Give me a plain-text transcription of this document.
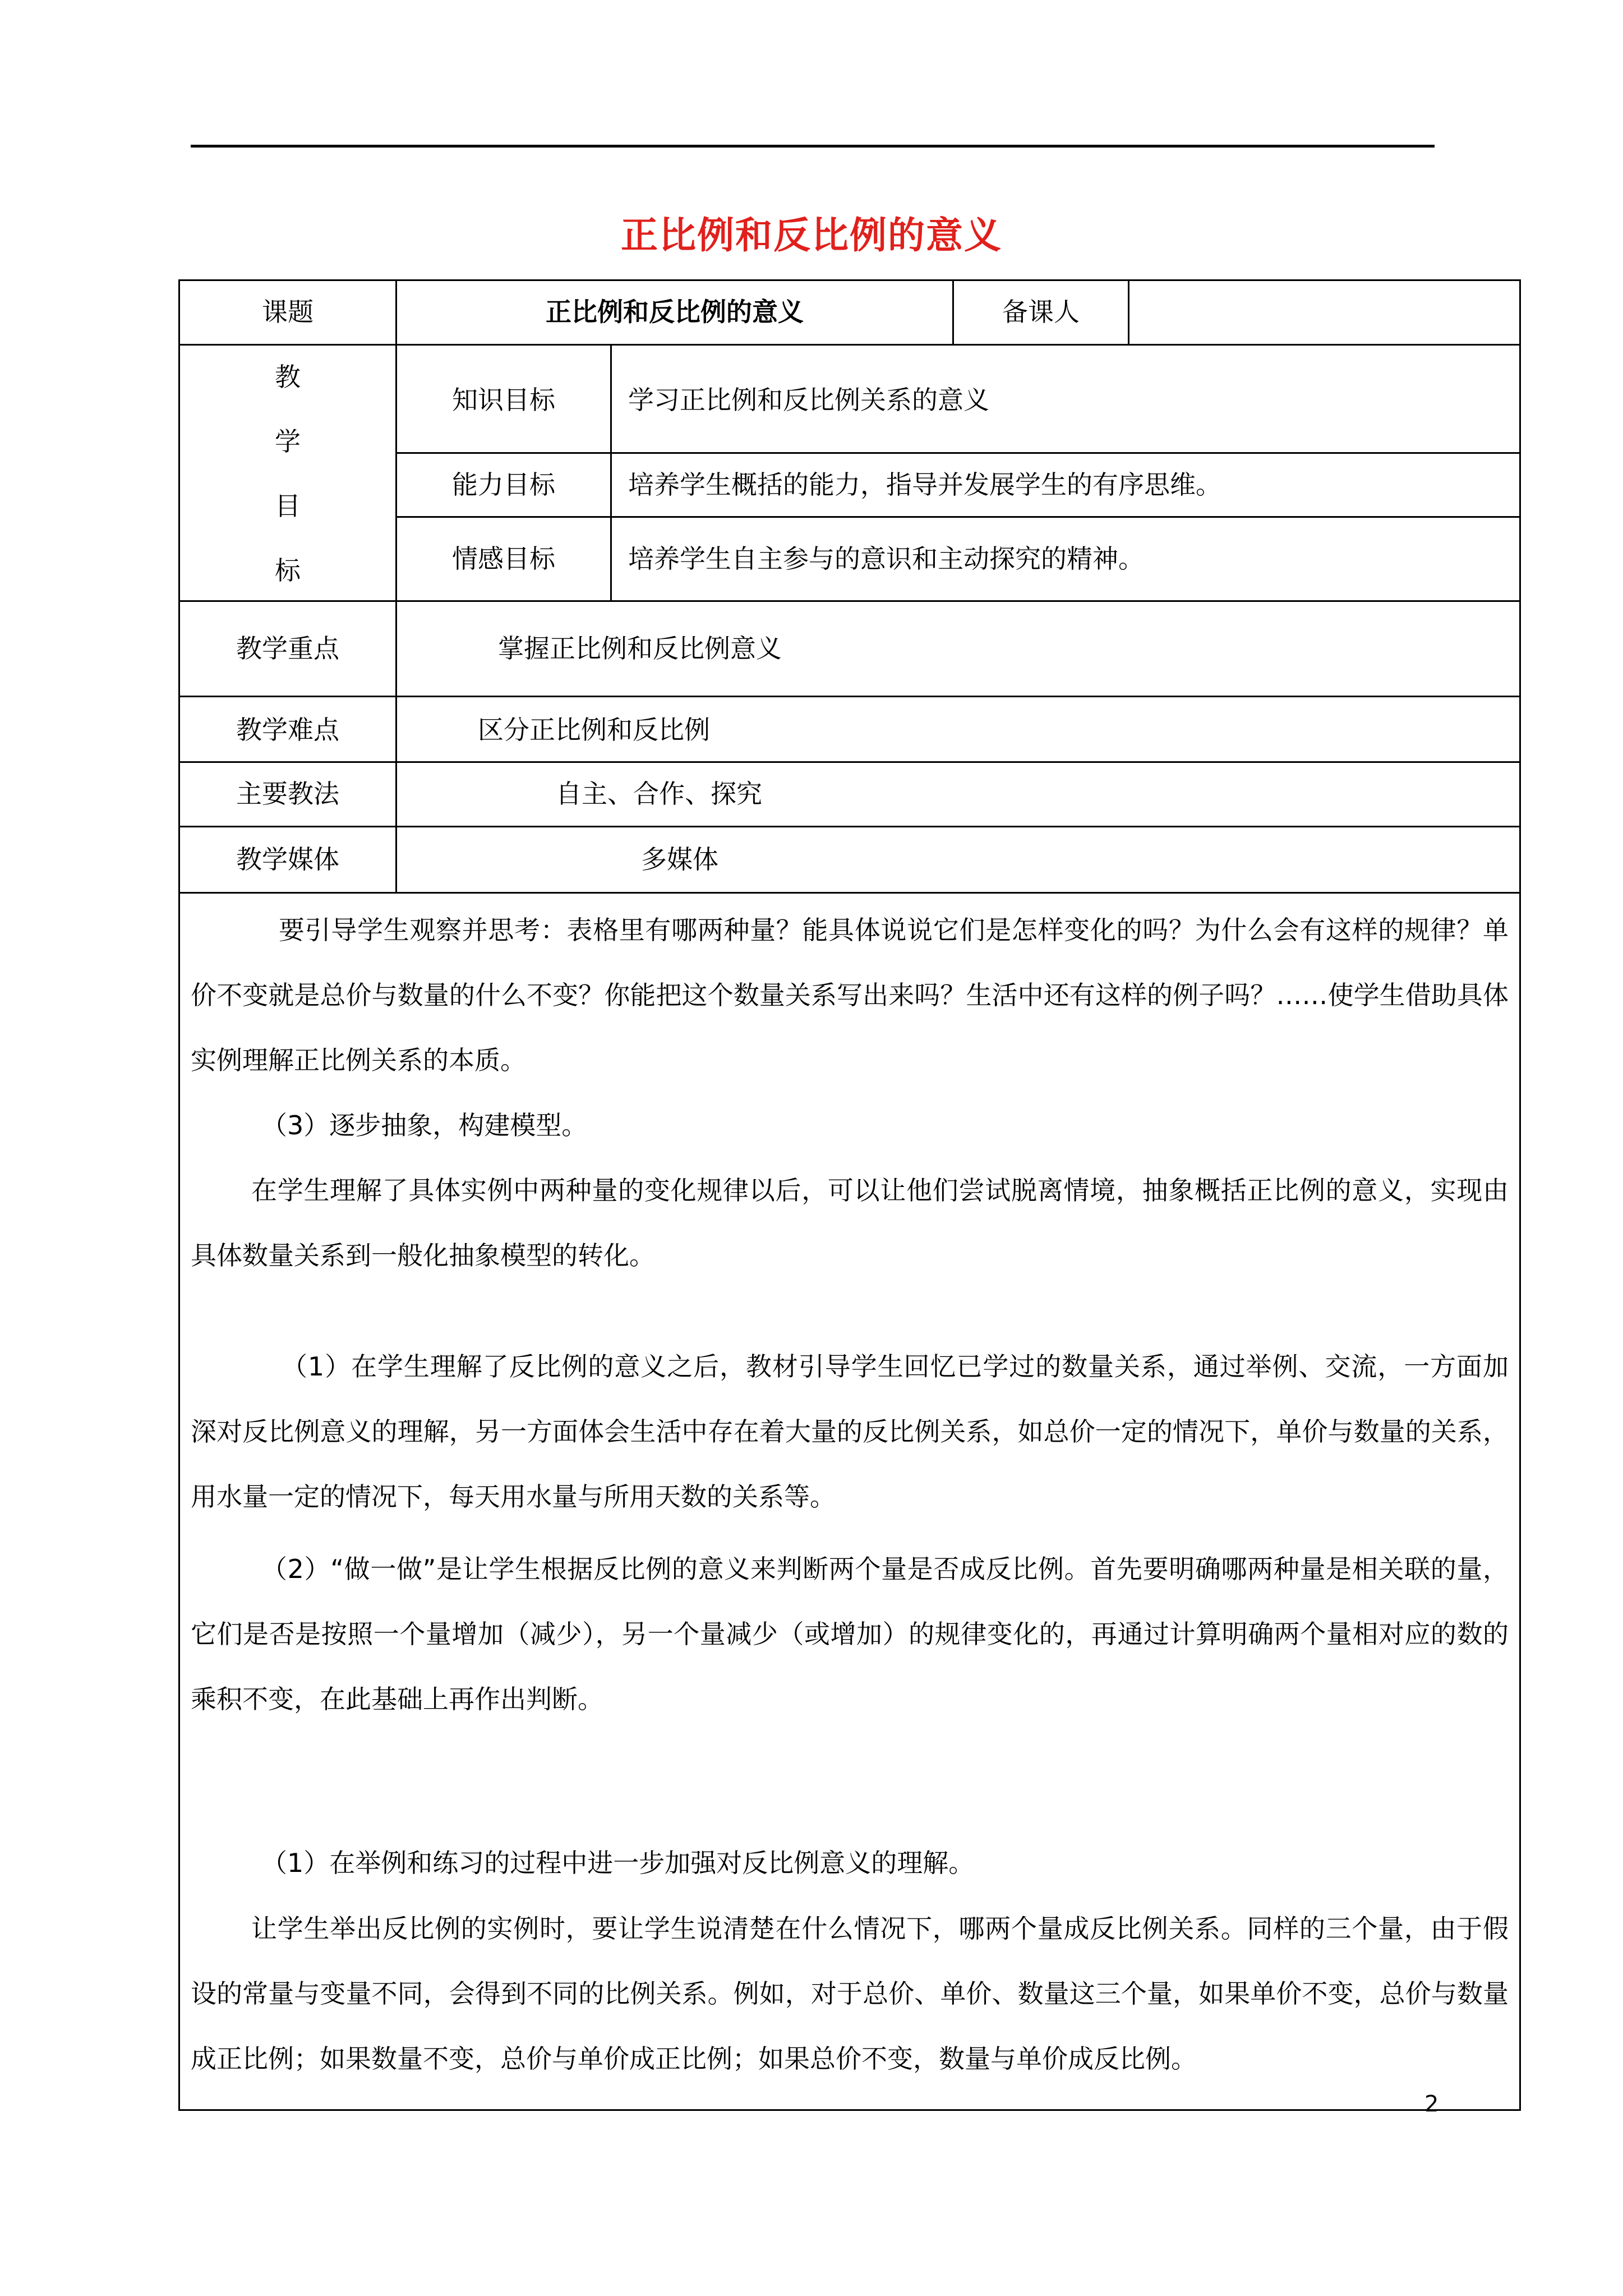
正比例和反比例的意义
课题	正比例和反比例的意义	备课人
教
学
目
标
知识目标	学习正比例和反比例关系的意义
能力目标	培养学生概括的能力，指导并发展学生的有序思维。
情感目标	培养学生自主参与的意识和主动探究的精神。
教学重点	掌握正比例和反比例意义
教学难点	区分正比例和反比例
主要教法	自主、合作、探究
教学媒体	多媒体
要引导学生观察并思考：表格里有哪两种量？能具体说说它们是怎样变化的吗？为什么会有这样的规律？单价不变就是总价与数量的什么不变？你能把这个数量关系写出来吗？生活中还有这样的例子吗？……使学生借助具体实例理解正比例关系的本质。
（3）逐步抽象，构建模型。
在学生理解了具体实例中两种量的变化规律以后，可以让他们尝试脱离情境，抽象概括正比例的意义，实现由具体数量关系到一般化抽象模型的转化。
（1）在学生理解了反比例的意义之后，教材引导学生回忆已学过的数量关系，通过举例、交流，一方面加深对反比例意义的理解，另一方面体会生活中存在着大量的反比例关系，如总价一定的情况下，单价与数量的关系，用水量一定的情况下，每天用水量与所用天数的关系等。
（2）“做一做”是让学生根据反比例的意义来判断两个量是否成反比例。首先要明确哪两种量是相关联的量，它们是否是按照一个量增加（减少），另一个量减少（或增加）的规律变化的，再通过计算明确两个量相对应的数的乘积不变，在此基础上再作出判断。
（1）在举例和练习的过程中进一步加强对反比例意义的理解。
让学生举出反比例的实例时，要让学生说清楚在什么情况下，哪两个量成反比例关系。同样的三个量，由于假设的常量与变量不同，会得到不同的比例关系。例如，对于总价、单价、数量这三个量，如果单价不变，总价与数量成正比例；如果数量不变，总价与单价成正比例；如果总价不变，数量与单价成反比例。
2
